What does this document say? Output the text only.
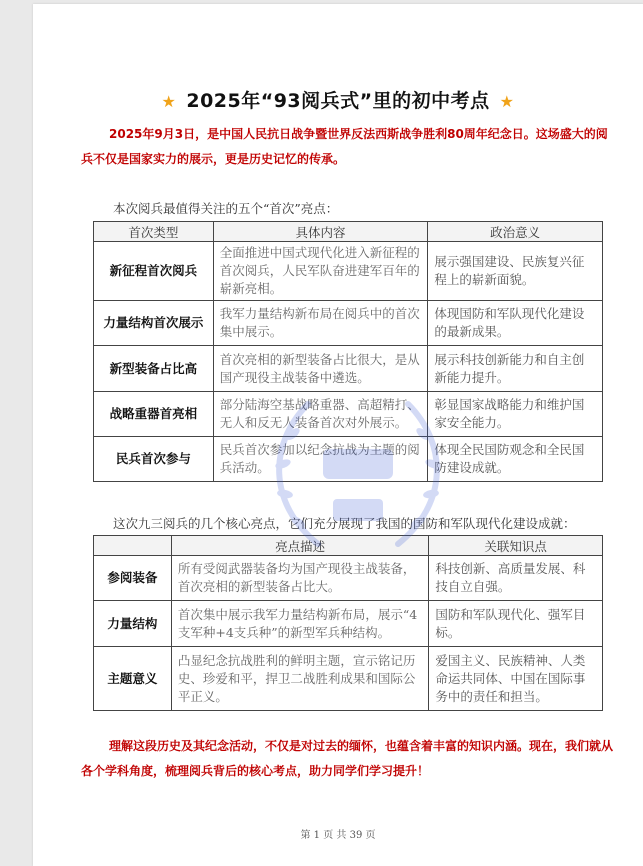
★ 2025年“93阅兵式”里的初中考点 ★
2025年9月3日，是中国人民抗日战争暨世界反法西斯战争胜利80周年纪念日。这场盛大的阅兵不仅是国家实力的展示，更是历史记忆的传承。
本次阅兵最值得关注的五个“首次”亮点：
首次类型	具体内容	政治意义
新征程首次阅兵	全面推进中国式现代化进入新征程的首次阅兵，人民军队奋进建军百年的崭新亮相。	展示强国建设、民族复兴征程上的崭新面貌。
力量结构首次展示	我军力量结构新布局在阅兵中的首次集中展示。	体现国防和军队现代化建设的最新成果。
新型装备占比高	首次亮相的新型装备占比很大，是从国产现役主战装备中遴选。	展示科技创新能力和自主创新能力提升。
战略重器首亮相	部分陆海空基战略重器、高超精打、无人和反无人装备首次对外展示。	彰显国家战略能力和维护国家安全能力。
民兵首次参与	民兵首次参加以纪念抗战为主题的阅兵活动。	体现全民国防观念和全民国防建设成就。
这次九三阅兵的几个核心亮点，它们充分展现了我国的国防和军队现代化建设成就：
	亮点描述	关联知识点
参阅装备	所有受阅武器装备均为国产现役主战装备，首次亮相的新型装备占比大。	科技创新、高质量发展、科技自立自强。
力量结构	首次集中展示我军力量结构新布局，展示“4支军种+4支兵种”的新型军兵种结构。	国防和军队现代化、强军目标。
主题意义	凸显纪念抗战胜利的鲜明主题，宣示铭记历史、珍爱和平，捍卫二战胜利成果和国际公平正义。	爱国主义、民族精神、人类命运共同体、中国在国际事务中的责任和担当。
理解这段历史及其纪念活动，不仅是对过去的缅怀，也蕴含着丰富的知识内涵。现在，我们就从各个学科角度，梳理阅兵背后的核心考点，助力同学们学习提升！
第 1 页 共 39 页
